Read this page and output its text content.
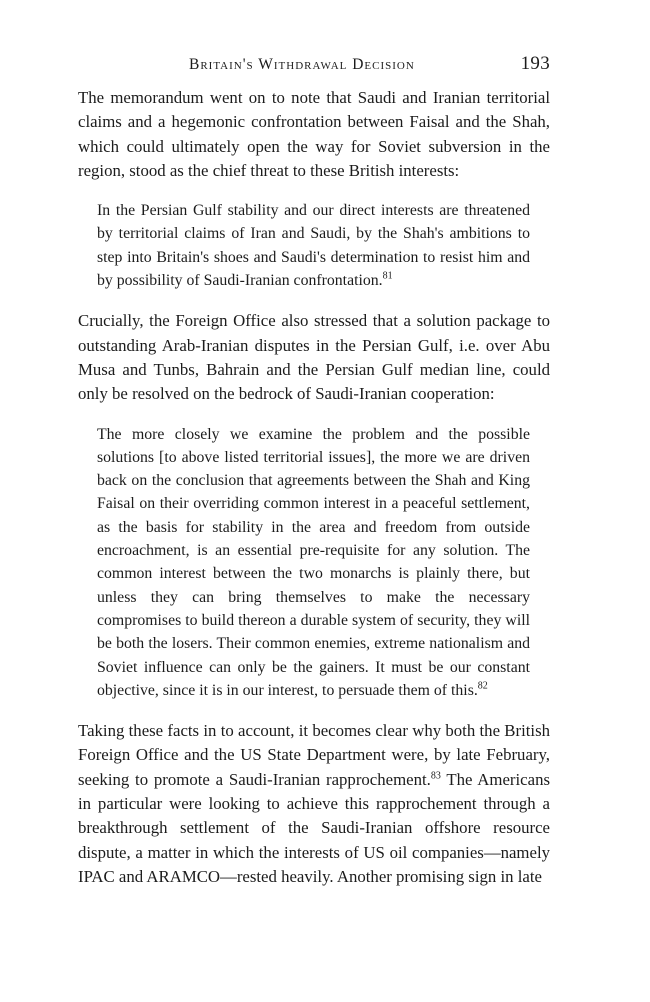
Britain's Withdrawal Decision	193

The memorandum went on to note that Saudi and Iranian territorial claims and a hegemonic confrontation between Faisal and the Shah, which could ultimately open the way for Soviet subversion in the region, stood as the chief threat to these British interests:

In the Persian Gulf stability and our direct interests are threatened by territorial claims of Iran and Saudi, by the Shah's ambitions to step into Britain's shoes and Saudi's determination to resist him and by possibility of Saudi-Iranian confrontation.$^{81}$

Crucially, the Foreign Office also stressed that a solution package to outstanding Arab-Iranian disputes in the Persian Gulf, i.e. over Abu Musa and Tunbs, Bahrain and the Persian Gulf median line, could only be resolved on the bedrock of Saudi-Iranian cooperation:

The more closely we examine the problem and the possible solutions [to above listed territorial issues], the more we are driven back on the conclusion that agreements between the Shah and King Faisal on their overriding common interest in a peaceful settlement, as the basis for stability in the area and freedom from outside encroachment, is an essential pre-requisite for any solution. The common interest between the two monarchs is plainly there, but unless they can bring themselves to make the necessary compromises to build thereon a durable system of security, they will be both the losers. Their common enemies, extreme nationalism and Soviet influence can only be the gainers. It must be our constant objective, since it is in our interest, to persuade them of this.$^{82}$

Taking these facts in to account, it becomes clear why both the British Foreign Office and the US State Department were, by late February, seeking to promote a Saudi-Iranian rapprochement.$^{83}$ The Americans in particular were looking to achieve this rapprochement through a breakthrough settlement of the Saudi-Iranian offshore resource dispute, a matter in which the interests of US oil companies—namely IPAC and ARAMCO—rested heavily. Another promising sign in late
